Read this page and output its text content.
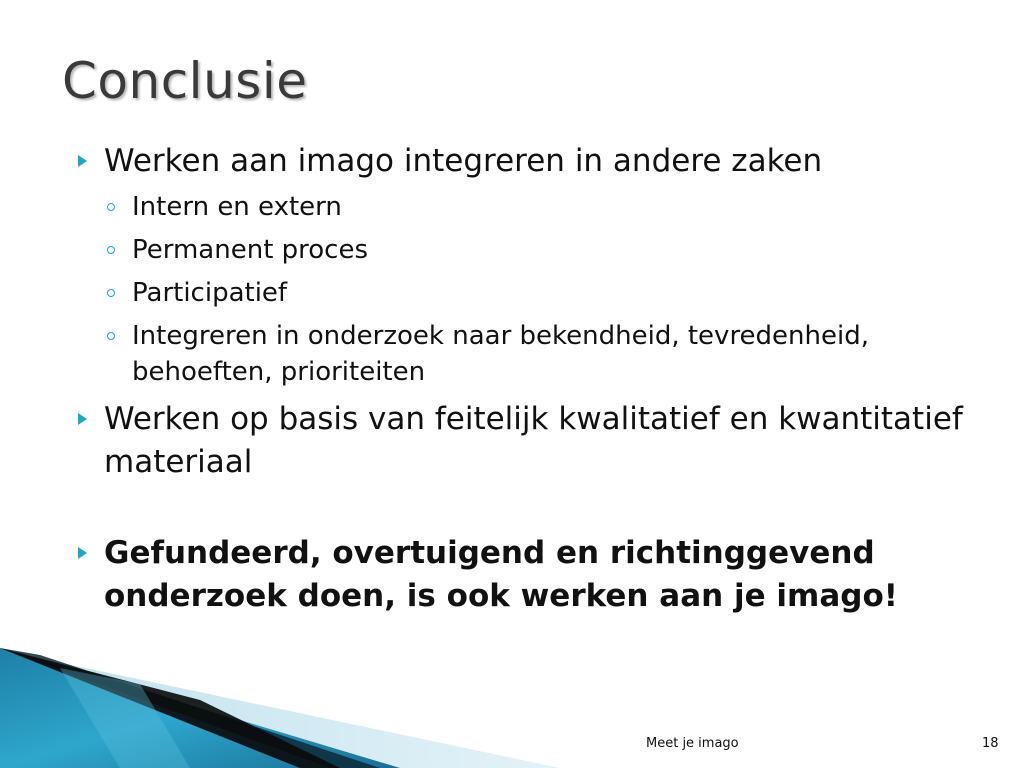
Conclusie
Werken aan imago integreren in andere zaken
Intern en extern
Permanent proces
Participatief
Integreren in onderzoek naar bekendheid, tevredenheid, behoeften, prioriteiten
Werken op basis van feitelijk kwalitatief en kwantitatief materiaal
Gefundeerd, overtuigend en richtinggevend onderzoek doen, is ook werken aan je imago!
Meet je imago	18
